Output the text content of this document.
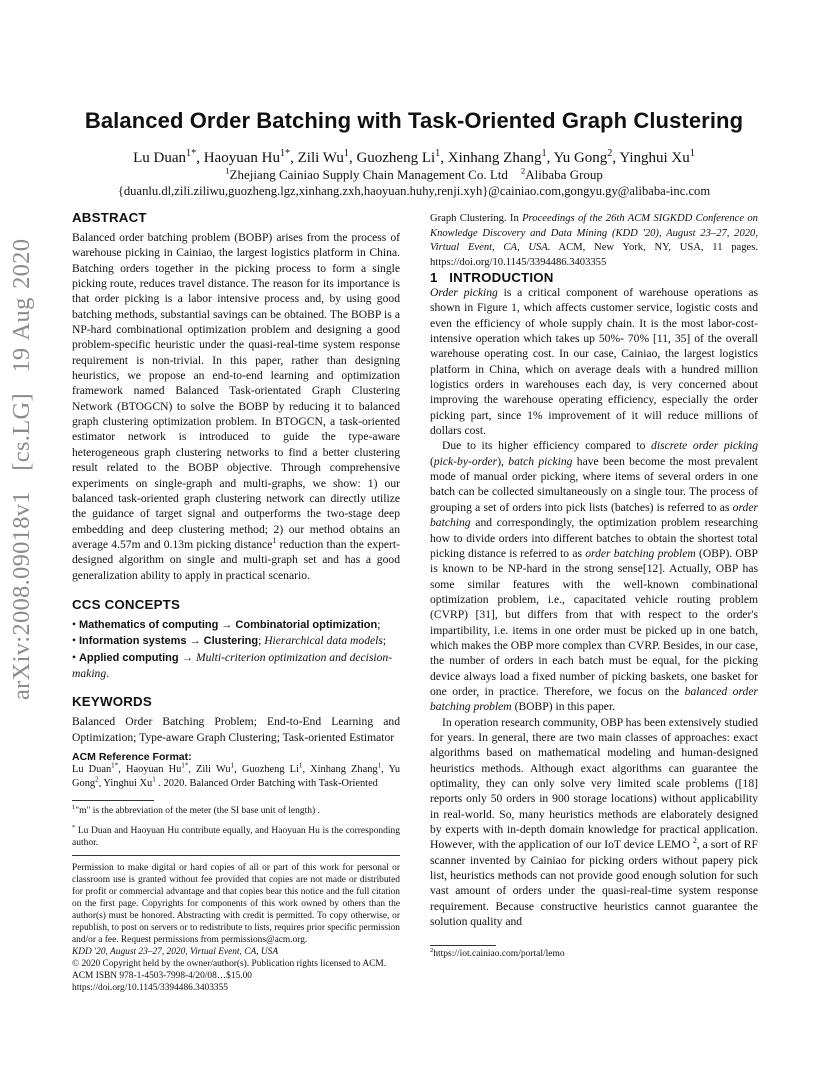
arXiv:2008.09018v1 [cs.LG] 19 Aug 2020
Balanced Order Batching with Task-Oriented Graph Clustering
Lu Duan$^{1*}$, Haoyuan $Hu^{1*}$, Zili Wu$^1$, Guozheng Li$^1$, Xinhang Zhang$^1$, Yu Gong$^2$, Yinghui Xu$^1$
$^1$Zhejiang Cainiao Supply Chain Management Co. Ltd    $^2$Alibaba Group
{duanlu.dl,zili.ziliwu,guozheng.lgz,xinhang.zxh,haoyuan.huhy,renji.xyh}@cainiao.com,gongyu.gy@alibaba-inc.com
ABSTRACT

Balanced order batching problem (BOBP) arises from the process of warehouse picking in Cainiao, the largest logistics platform in China. Batching orders together in the picking process to form a single picking route, reduces travel distance. The reason for its importance is that order picking is a labor intensive process and, by using good batching methods, substantial savings can be obtained. The BOBP is a NP-hard combinational optimization problem and designing a good problem-specific heuristic under the quasi-real-time system response requirement is non-trivial. In this paper, rather than designing heuristics, we propose an end-to-end learning and optimization framework named Balanced Task-orientated Graph Clustering Network (BTOGCN) to solve the BOBP by reducing it to balanced graph clustering optimization problem. In BTOGCN, a task-oriented estimator network is introduced to guide the type-aware heterogeneous graph clustering networks to find a better clustering result related to the BOBP objective. Through comprehensive experiments on single-graph and multi-graphs, we show: 1) our balanced task-oriented graph clustering network can directly utilize the guidance of target signal and outperforms the two-stage deep embedding and deep clustering method; 2) our method obtains an average 4.57m and 0.13m picking distance$^1$ reduction than the expert-designed algorithm on single and multi-graph set and has a good generalization ability to apply in practical scenario.

CCS CONCEPTS
• Mathematics of computing → Combinatorial optimization;
• Information systems → Clustering; Hierarchical data models;
• Applied computing → Multi-criterion optimization and decision-making.
KEYWORDS

Balanced Order Batching Problem; End-to-End Learning and Optimization; Type-aware Graph Clustering; Task-oriented Estimator

ACM Reference Format:

Lu Duan$^{1*}$, Haoyuan $Hu^{1*}$, Zili Wu$^1$, Guozheng Li$^1$, Xinhang Zhang$^1$, Yu Gong$^2$, Yinghui Xu$^1$ . 2020. Balanced Order Batching with Task-Oriented

$^1$"m" is the abbreviation of the meter (the SI base unit of length) .

* Lu Duan and Haoyuan Hu contribute equally, and Haoyuan Hu is the corresponding author.

Permission to make digital or hard copies of all or part of this work for personal or classroom use is granted without fee provided that copies are not made or distributed for profit or commercial advantage and that copies bear this notice and the full citation on the first page. Copyrights for components of this work owned by others than the author(s) must be honored. Abstracting with credit is permitted. To copy otherwise, or republish, to post on servers or to redistribute to lists, requires prior specific permission and/or a fee. Request permissions from permissions@acm.org.

KDD '20, August 23–27, 2020, Virtual Event, CA, USA

© 2020 Copyright held by the owner/author(s). Publication rights licensed to ACM.

ACM ISBN 978-1-4503-7998-4/20/08…$15.00

https://doi.org/10.1145/3394486.3403355

Graph Clustering. In Proceedings of the 26th ACM SIGKDD Conference on Knowledge Discovery and Data Mining (KDD '20), August 23–27, 2020, Virtual Event, CA, USA. ACM, New York, NY, USA, 11 pages. https://doi.org/10.1145/3394486.3403355

1   INTRODUCTION

Order picking is a critical component of warehouse operations as shown in Figure 1, which affects customer service, logistic costs and even the efficiency of whole supply chain. It is the most labor-cost-intensive operation which takes up 50%- 70% [11, 35] of the overall warehouse operating cost. In our case, Cainiao, the largest logistics platform in China, which on average deals with a hundred million logistics orders in warehouses each day, is very concerned about improving the warehouse operating efficiency, especially the order picking part, since 1% improvement of it will reduce millions of dollars cost.

Due to its higher efficiency compared to discrete order picking (pick-by-order), batch picking have been become the most prevalent mode of manual order picking, where items of several orders in one batch can be collected simultaneously on a single tour. The process of grouping a set of orders into pick lists (batches) is referred to as order batching and correspondingly, the optimization problem researching how to divide orders into different batches to obtain the shortest total picking distance is referred to as order batching problem (OBP). OBP is known to be NP-hard in the strong sense[12]. Actually, OBP has some similar features with the well-known combinational optimization problem, i.e., capacitated vehicle routing problem (CVRP) [31], but differs from that with respect to the order's impartibility, i.e. items in one order must be picked up in one batch, which makes the OBP more complex than CVRP. Besides, in our case, the number of orders in each batch must be equal, for the picking device always load a fixed number of picking baskets, one basket for one order, in practice. Therefore, we focus on the balanced order batching problem (BOBP) in this paper.

In operation research community, OBP has been extensively studied for years. In general, there are two main classes of approaches: exact algorithms based on mathematical modeling and human-designed heuristics methods. Although exact algorithms can guarantee the optimality, they can only solve very limited scale problems ([18] reports only 50 orders in 900 storage locations) without applicability in real-world. So, many heuristics methods are elaborately designed by experts with in-depth domain knowledge for practical application. However, with the application of our IoT device LEMO $^2$, a sort of RF scanner invented by Cainiao for picking orders without papery pick list, heuristics methods can not provide good enough solution for such vast amount of orders under the quasi-real-time system response requirement. Because constructive heuristics cannot guarantee the solution quality and

$^2$https://iot.cainiao.com/portal/lemo
